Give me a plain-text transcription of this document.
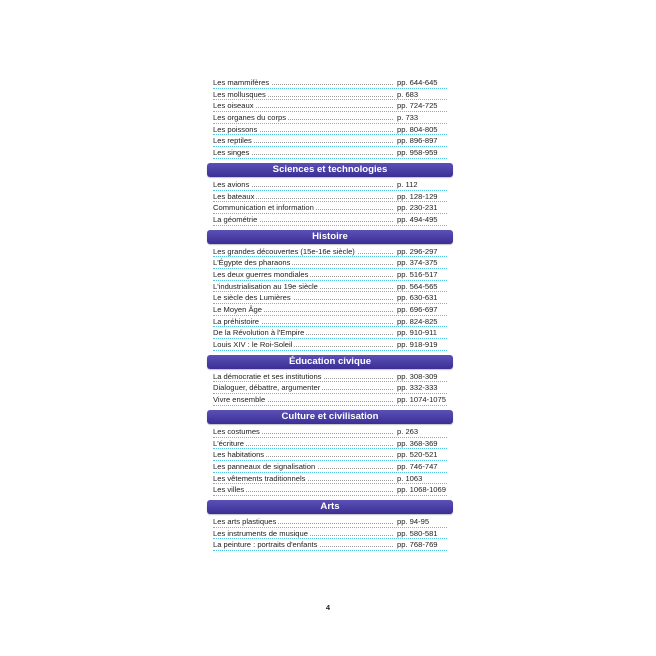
Les mammifères	pp. 644-645
Les mollusques	p. 683
Les oiseaux	pp. 724-725
Les organes du corps	p. 733
Les poissons	pp. 804-805
Les reptiles	pp. 896-897
Les singes	pp. 958-959
Sciences et technologies
Les avions	p. 112
Les bateaux	pp. 128-129
Communication et information	pp. 230-231
La géométrie	pp. 494-495
Histoire
Les grandes découvertes (15e-16e siècle)	pp. 296-297
L'Égypte des pharaons	pp. 374-375
Les deux guerres mondiales	pp. 516-517
L'industrialisation au 19e siècle	pp. 564-565
Le siècle des Lumières	pp. 630-631
Le Moyen Âge	pp. 696-697
La préhistoire	pp. 824-825
De la Révolution à l'Empire	pp. 910-911
Louis XIV : le Roi-Soleil	pp. 918-919
Éducation civique
La démocratie et ses institutions	pp. 308-309
Dialoguer, débattre, argumenter	pp. 332-333
Vivre ensemble	pp. 1074-1075
Culture et civilisation
Les costumes	p. 263
L'écriture	pp. 368-369
Les habitations	pp. 520-521
Les panneaux de signalisation	pp. 746-747
Les vêtements traditionnels	p. 1063
Les villes	pp. 1068-1069
Arts
Les arts plastiques	pp. 94-95
Les instruments de musique	pp. 580-581
La peinture : portraits d'enfants	pp. 768-769
4
